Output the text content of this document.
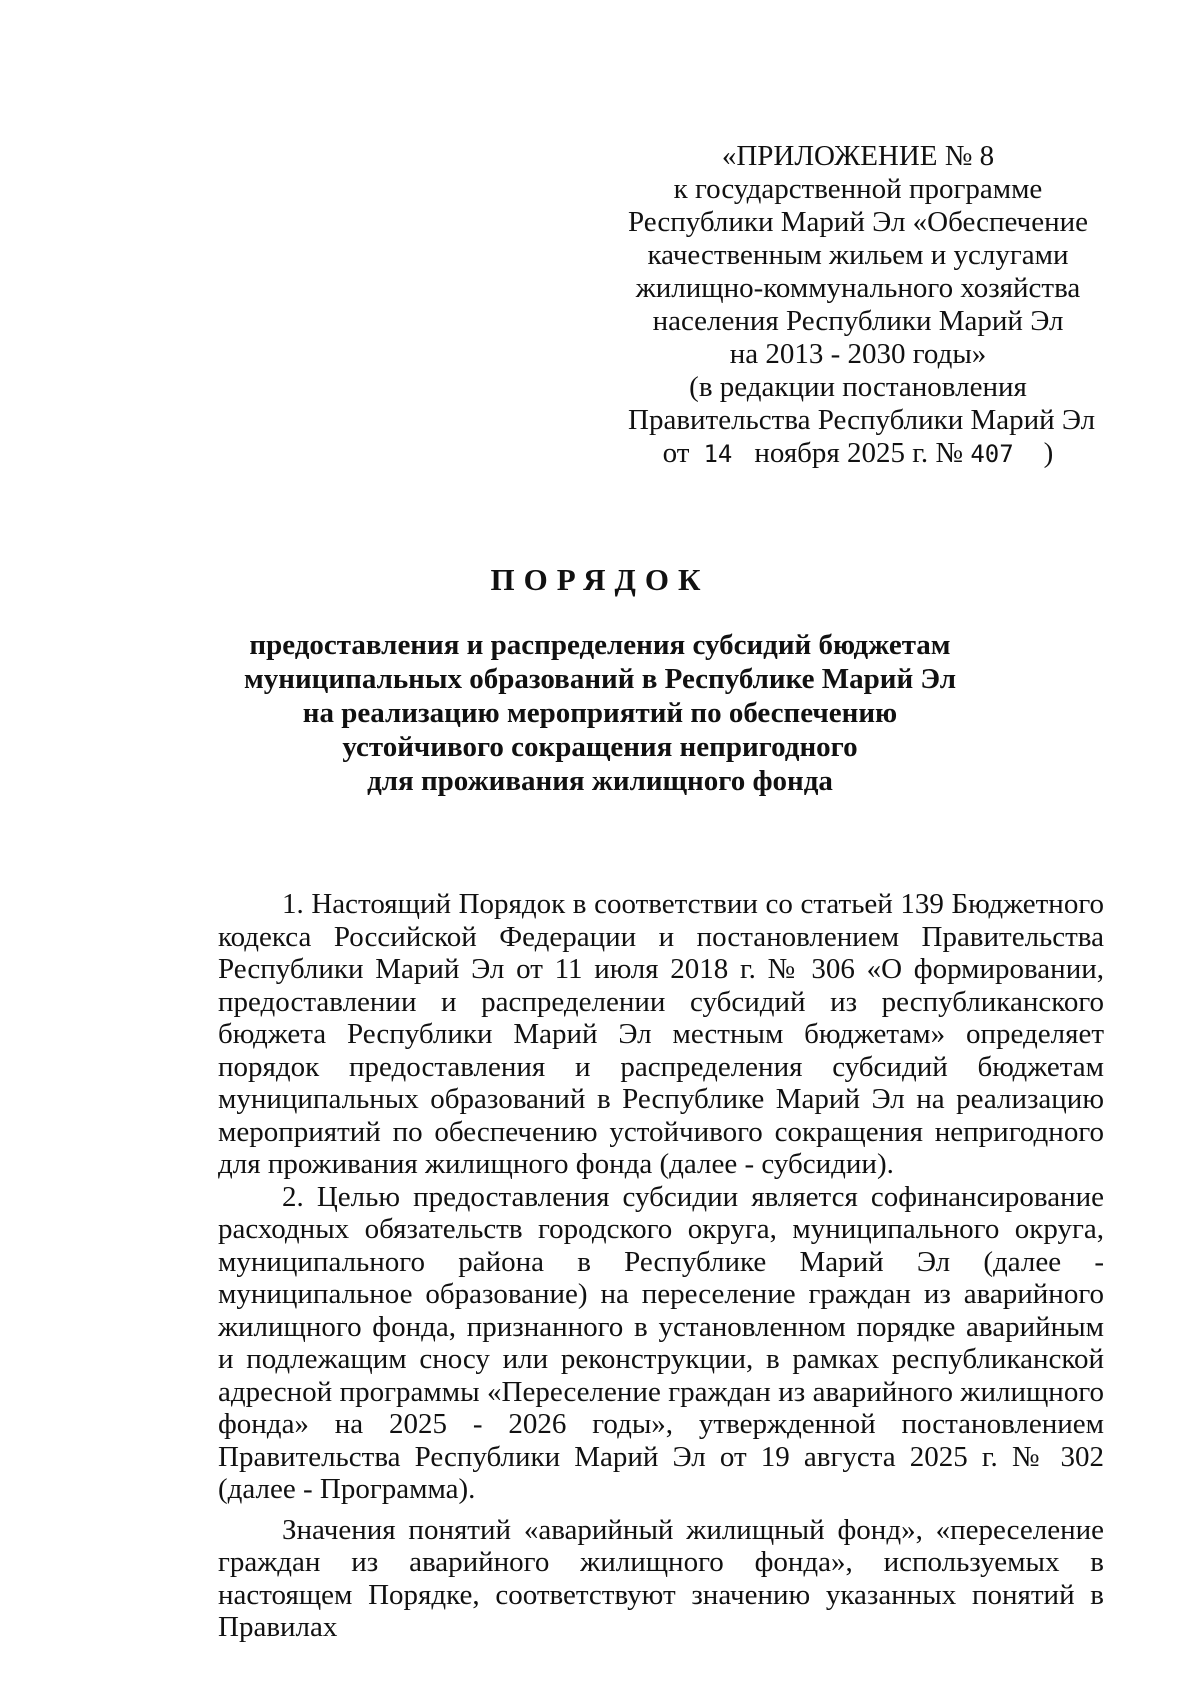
«ПРИЛОЖЕНИЕ № 8
к государственной программе
Республики Марий Эл «Обеспечение
качественным жильем и услугами
жилищно-коммунального хозяйства
населения Республики Марий Эл
на 2013 - 2030 годы»
(в редакции постановления
Правительства Республики Марий Эл
от 14 ноября 2025 г. № 407 )
ПОРЯДОК
предоставления и распределения субсидий бюджетам
муниципальных образований в Республике Марий Эл
на реализацию мероприятий по обеспечению
устойчивого сокращения непригодного
для проживания жилищного фонда

1. Настоящий Порядок в соответствии со статьей 139 Бюджетного кодекса Российской Федерации и постановлением Правительства Республики Марий Эл от 11 июля 2018 г. № 306 «О формировании, предоставлении и распределении субсидий из республиканского бюджета Республики Марий Эл местным бюджетам» определяет порядок предоставления и распределения субсидий бюджетам муниципальных образований в Республике Марий Эл на реализацию мероприятий по обеспечению устойчивого сокращения непригодного для проживания жилищного фонда (далее - субсидии).

2. Целью предоставления субсидии является софинансирование расходных обязательств городского округа, муниципального округа, муниципального района в Республике Марий Эл (далее - муниципальное образование) на переселение граждан из аварийного жилищного фонда, признанного в установленном порядке аварийным и подлежащим сносу или реконструкции, в рамках республиканской адресной программы «Переселение граждан из аварийного жилищного фонда» на 2025 - 2026 годы», утвержденной постановлением Правительства Республики Марий Эл от 19 августа 2025 г. № 302 (далее - Программа).

Значения понятий «аварийный жилищный фонд», «переселение граждан из аварийного жилищного фонда», используемых в настоящем Порядке, соответствуют значению указанных понятий в Правилах
